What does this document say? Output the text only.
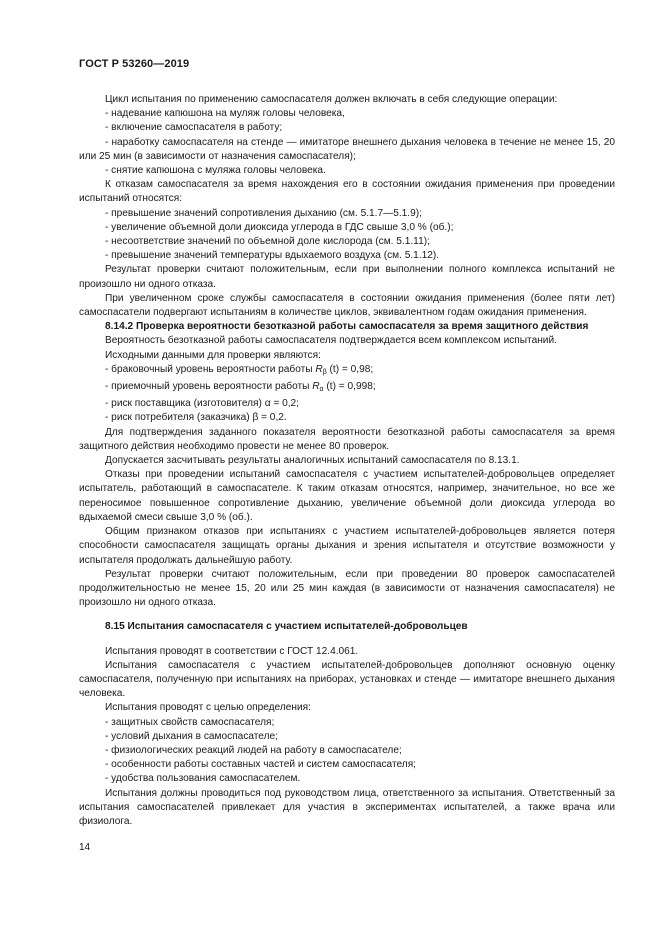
ГОСТ Р 53260—2019

Цикл испытания по применению самоспасателя должен включать в себя следующие операции:

- надевание капюшона на муляж головы человека,

- включение самоспасателя в работу;

- наработку самоспасателя на стенде — имитаторе внешнего дыхания человека в течение не менее 15, 20 или 25 мин (в зависимости от назначения самоспасателя);

- снятие капюшона с муляжа головы человека.

К отказам самоспасателя за время нахождения его в состоянии ожидания применения при проведении испытаний относятся:

- превышение значений сопротивления дыханию (см. 5.1.7—5.1.9);

- увеличение объемной доли диоксида углерода в ГДС свыше 3,0 % (об.);

- несоответствие значений по объемной доле кислорода (см. 5.1.11);

- превышение значений температуры вдыхаемого воздуха (см. 5.1.12).

Результат проверки считают положительным, если при выполнении полного комплекса испытаний не произошло ни одного отказа.

При увеличенном сроке службы самоспасателя в состоянии ожидания применения (более пяти лет) самоспасатели подвергают испытаниям в количестве циклов, эквивалентном годам ожидания применения.

8.14.2 Проверка вероятности безотказной работы самоспасателя за время защитного действия

Вероятность безотказной работы самоспасателя подтверждается всем комплексом испытаний.

Исходными данными для проверки являются:

- браковочный уровень вероятности работы $R_\beta$ (t) = 0,98;

- приемочный уровень вероятности работы $R_\alpha$ (t) = 0,998;

- риск поставщика (изготовителя) α = 0,2;

- риск потребителя (заказчика) β = 0,2.

Для подтверждения заданного показателя вероятности безотказной работы самоспасателя за время защитного действия необходимо провести не менее 80 проверок.

Допускается засчитывать результаты аналогичных испытаний самоспасателя по 8.13.1.

Отказы при проведении испытаний самоспасателя с участием испытателей-добровольцев определяет испытатель, работающий в самоспасателе. К таким отказам относятся, например, значительное, но все же переносимое повышенное сопротивление дыханию, увеличение объемной доли диоксида углерода во вдыхаемой смеси свыше 3,0 % (об.).

Общим признаком отказов при испытаниях с участием испытателей-добровольцев является потеря способности самоспасателя защищать органы дыхания и зрения испытателя и отсутствие возможности у испытателя продолжать дальнейшую работу.

Результат проверки считают положительным, если при проведении 80 проверок самоспасателей продолжительностью не менее 15, 20 или 25 мин каждая (в зависимости от назначения самоспасателя) не произошло ни одного отказа.

8.15 Испытания самоспасателя с участием испытателей-добровольцев

Испытания проводят в соответствии с ГОСТ 12.4.061.

Испытания самоспасателя с участием испытателей-добровольцев дополняют основную оценку самоспасателя, полученную при испытаниях на приборах, установках и стенде — имитаторе внешнего дыхания человека.

Испытания проводят с целью определения:

- защитных свойств самоспасателя;

- условий дыхания в самоспасателе;

- физиологических реакций людей на работу в самоспасателе;

- особенности работы составных частей и систем самоспасателя;

- удобства пользования самоспасателем.

Испытания должны проводиться под руководством лица, ответственного за испытания. Ответственный за испытания самоспасателей привлекает для участия в экспериментах испытателей, а также врача или физиолога.

14
